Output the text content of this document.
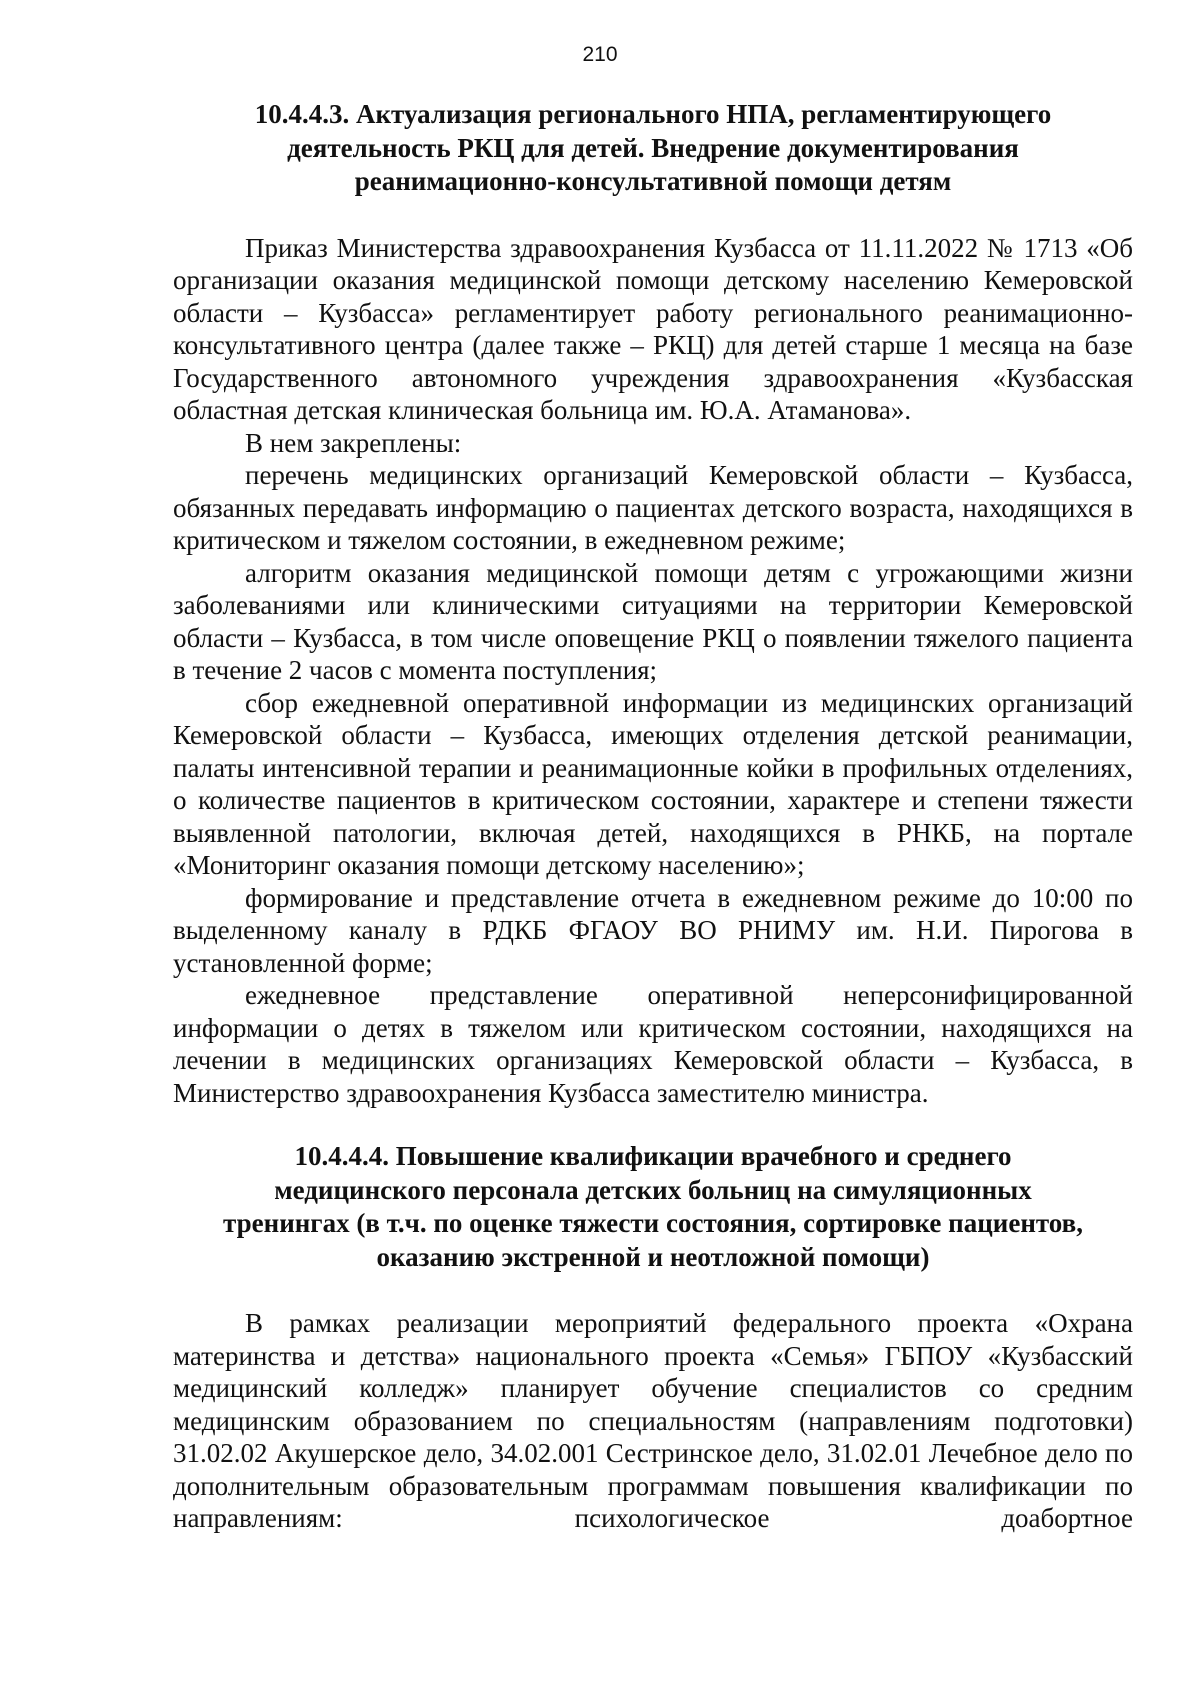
210
10.4.4.3. Актуализация регионального НПА, регламентирующего
деятельность РКЦ для детей. Внедрение документирования
реанимационно-консультативной помощи детям

Приказ Министерства здравоохранения Кузбасса от 11.11.2022 № 1713 «Об организации оказания медицинской помощи детскому населению Кемеровской области – Кузбасса» регламентирует работу регионального реанимационно-консультативного центра (далее также – РКЦ) для детей старше 1 месяца на базе Государственного автономного учреждения здравоохранения «Кузбасская областная детская клиническая больница им. Ю.А. Атаманова».

В нем закреплены:

перечень медицинских организаций Кемеровской области – Кузбасса, обязанных передавать информацию о пациентах детского возраста, находящихся в критическом и тяжелом состоянии, в ежедневном режиме;

алгоритм оказания медицинской помощи детям с угрожающими жизни заболеваниями или клиническими ситуациями на территории Кемеровской области – Кузбасса, в том числе оповещение РКЦ о появлении тяжелого пациента в течение 2 часов с момента поступления;

сбор ежедневной оперативной информации из медицинских организаций Кемеровской области – Кузбасса, имеющих отделения детской реанимации, палаты интенсивной терапии и реанимационные койки в профильных отделениях, о количестве пациентов в критическом состоянии, характере и степени тяжести выявленной патологии, включая детей, находящихся в РНКБ, на портале «Мониторинг оказания помощи детскому населению»;

формирование и представление отчета в ежедневном режиме до 10:00 по выделенному каналу в РДКБ ФГАОУ ВО РНИМУ им. Н.И. Пирогова в установленной форме;

ежедневное представление оперативной неперсонифицированной информации о детях в тяжелом или критическом состоянии, находящихся на лечении в медицинских организациях Кемеровской области – Кузбасса, в Министерство здравоохранения Кузбасса заместителю министра.

10.4.4.4. Повышение квалификации врачебного и среднего
медицинского персонала детских больниц на симуляционных
тренингах (в т.ч. по оценке тяжести состояния, сортировке пациентов,
оказанию экстренной и неотложной помощи)

В рамках реализации мероприятий федерального проекта «Охрана материнства и детства» национального проекта «Семья» ГБПОУ «Кузбасский медицинский колледж» планирует обучение специалистов со средним медицинским образованием по специальностям (направлениям подготовки) 31.02.02 Акушерское дело, 34.02.001 Сестринское дело, 31.02.01 Лечебное дело по дополнительным образовательным программам повышения квалификации по направлениям: психологическое доабортное
